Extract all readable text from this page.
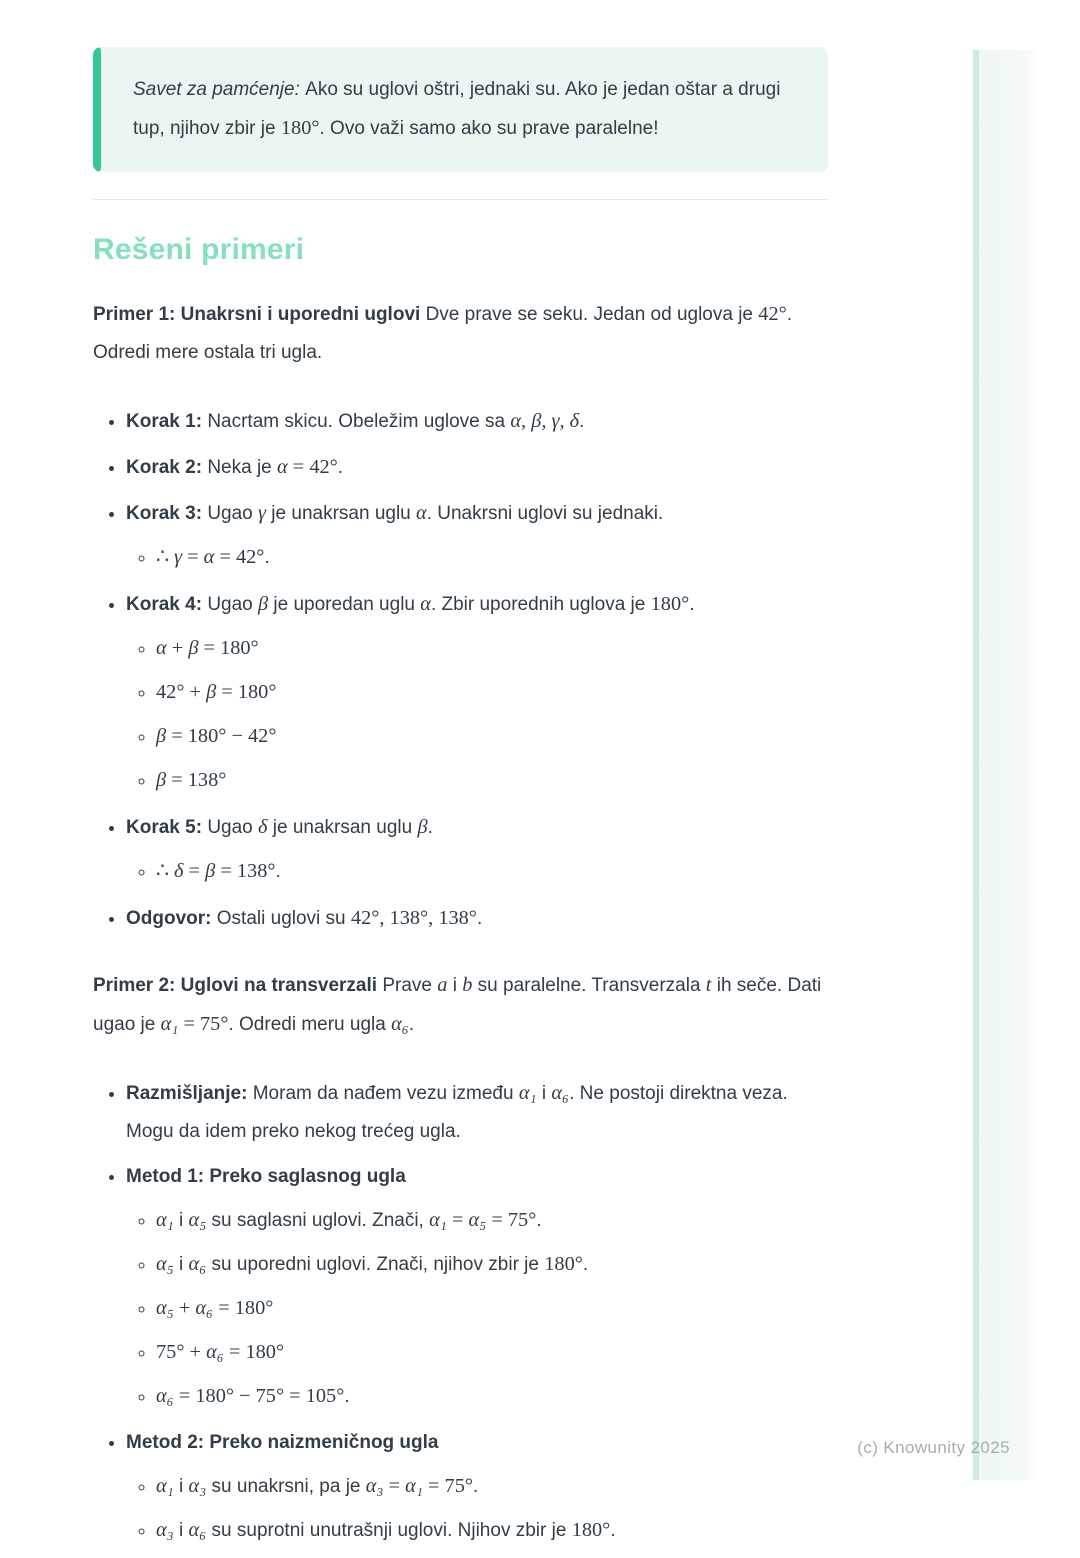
Savet za pamćenje: Ako su uglovi oštri, jednaki su. Ako je jedan oštar a drugi tup, njihov zbir je 180°. Ovo važi samo ako su prave paralelne!
Rešeni primeri

Primer 1: Unakrsni i uporedni uglovi Dve prave se seku. Jedan od uglova je 42°. Odredi mere ostala tri ugla.

• Korak 1: Nacrtam skicu. Obeležim uglove sa α, β, γ, δ.
• Korak 2: Neka je α = 42°.
• Korak 3: Ugao γ je unakrsan uglu α. Unakrsni uglovi su jednaki.
◦ ∴ γ = α = 42°.
• Korak 4: Ugao β je uporedan uglu α. Zbir uporednih uglova je 180°.
◦ α + β = 180°
◦ 42° + β = 180°
◦ β = 180° − 42°
◦ β = 138°
• Korak 5: Ugao δ je unakrsan uglu β.
◦ ∴ δ = β = 138°.
• Odgovor: Ostali uglovi su 42°, 138°, 138°.

Primer 2: Uglovi na transverzali Prave a i b su paralelne. Transverzala t ih seče. Dati ugao je α₁ = 75°. Odredi meru ugla α₆.

• Razmišljanje: Moram da nađem vezu između α₁ i α₆. Ne postoji direktna veza. Mogu da idem preko nekog trećeg ugla.
• Metod 1: Preko saglasnog ugla
◦ α₁ i α₅ su saglasni uglovi. Znači, α₁ = α₅ = 75°.
◦ α₅ i α₆ su uporedni uglovi. Znači, njihov zbir je 180°.
◦ α₅ + α₆ = 180°
◦ 75° + α₆ = 180°
◦ α₆ = 180° − 75° = 105°.
• Metod 2: Preko naizmeničnog ugla
◦ α₁ i α₃ su unakrsni, pa je α₃ = α₁ = 75°.
◦ α₃ i α₆ su suprotni unutrašnji uglovi. Njihov zbir je 180°.
(c) Knowunity 2025
